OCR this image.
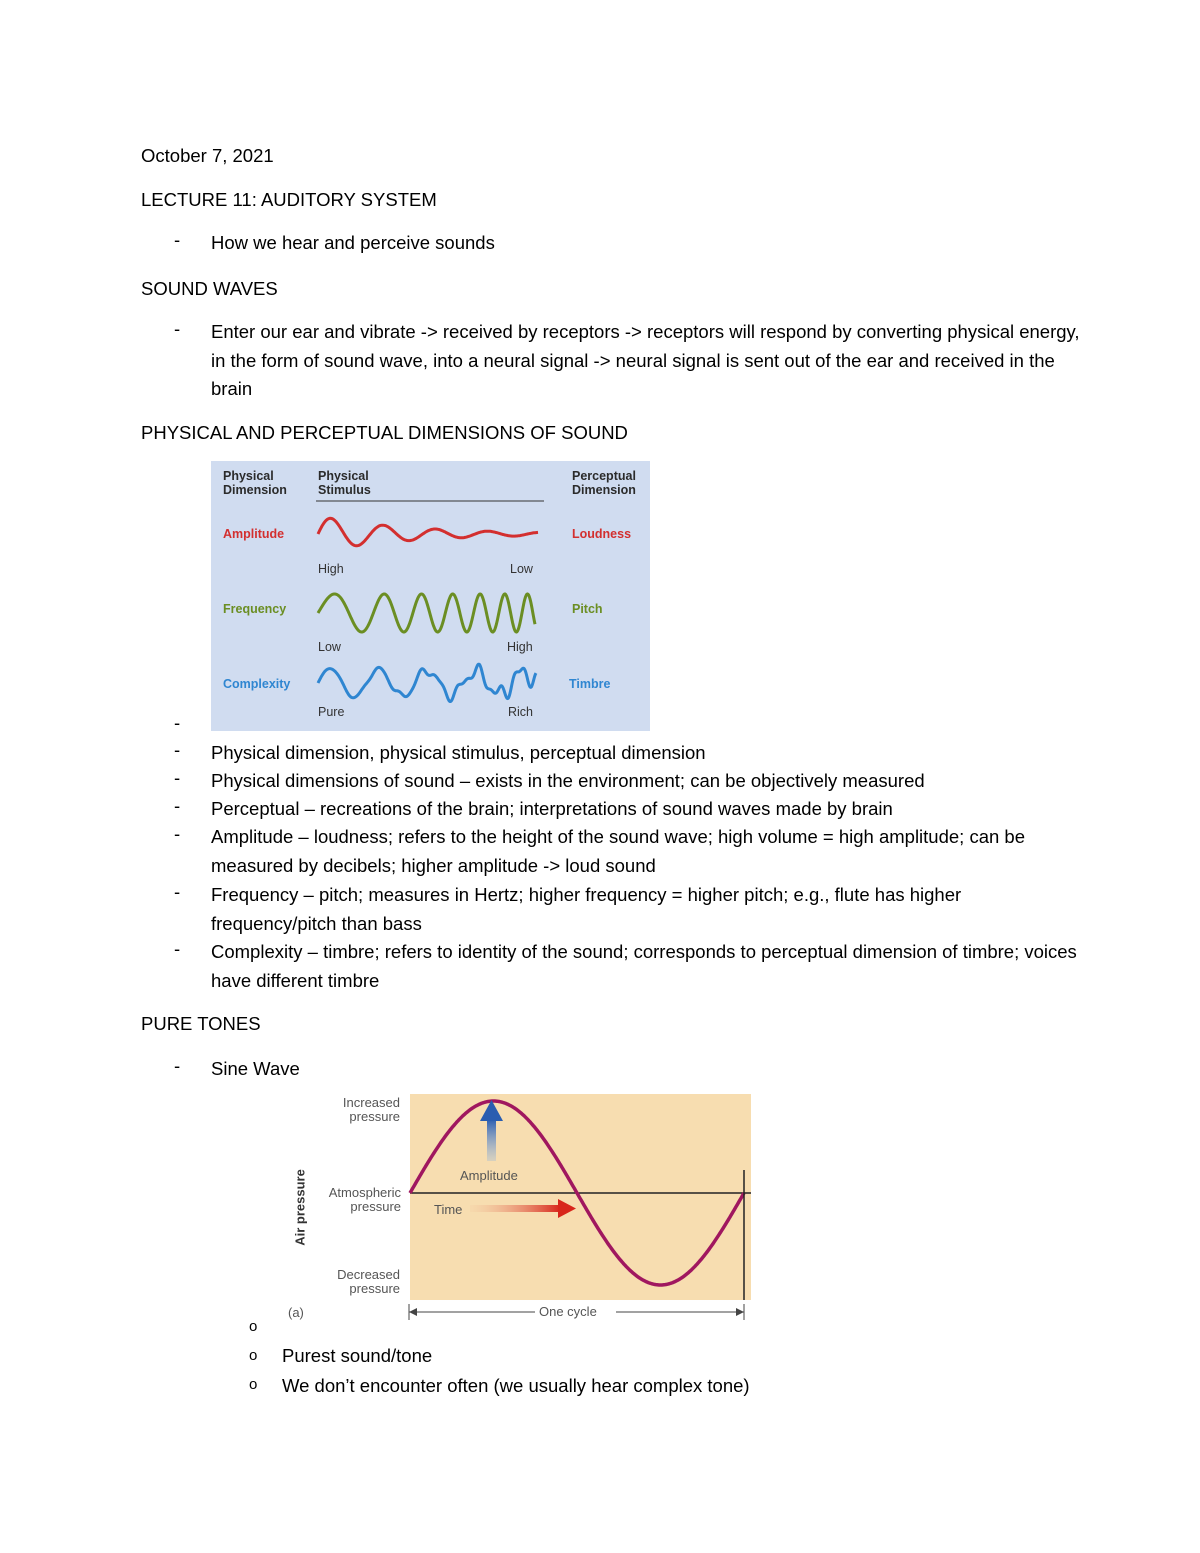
October 7, 2021
LECTURE 11: AUDITORY SYSTEM
-	How we hear and perceive sounds
SOUND WAVES
-	Enter our ear and vibrate -> received by receptors -> receptors will respond by converting physical energy, in the form of sound wave, into a neural signal -> neural signal is sent out of the ear and received in the brain
PHYSICAL AND PERCEPTUAL DIMENSIONS OF SOUND
Physical
Dimension
Physical
Stimulus
Perceptual
Dimension
Amplitude	Loudness
High	Low
Frequency	Pitch
Low	High
Complexity	Timbre
Pure	Rich
-
-	Physical dimension, physical stimulus, perceptual dimension
-	Physical dimensions of sound – exists in the environment; can be objectively measured
-	Perceptual – recreations of the brain; interpretations of sound waves made by brain
-	Amplitude – loudness; refers to the height of the sound wave; high volume = high amplitude; can be measured by decibels; higher amplitude -> loud sound
-	Frequency – pitch; measures in Hertz; higher frequency = higher pitch; e.g., flute has higher frequency/pitch than bass
-	Complexity – timbre; refers to identity of the sound; corresponds to perceptual dimension of timbre; voices have different timbre
PURE TONES
-	Sine Wave
Increased
pressure
Atmospheric
pressure
Decreased
pressure
Air pressure	Amplitude
Time
(a)	One cycle
o
o Purest sound/tone
o We don’t encounter often (we usually hear complex tone)
